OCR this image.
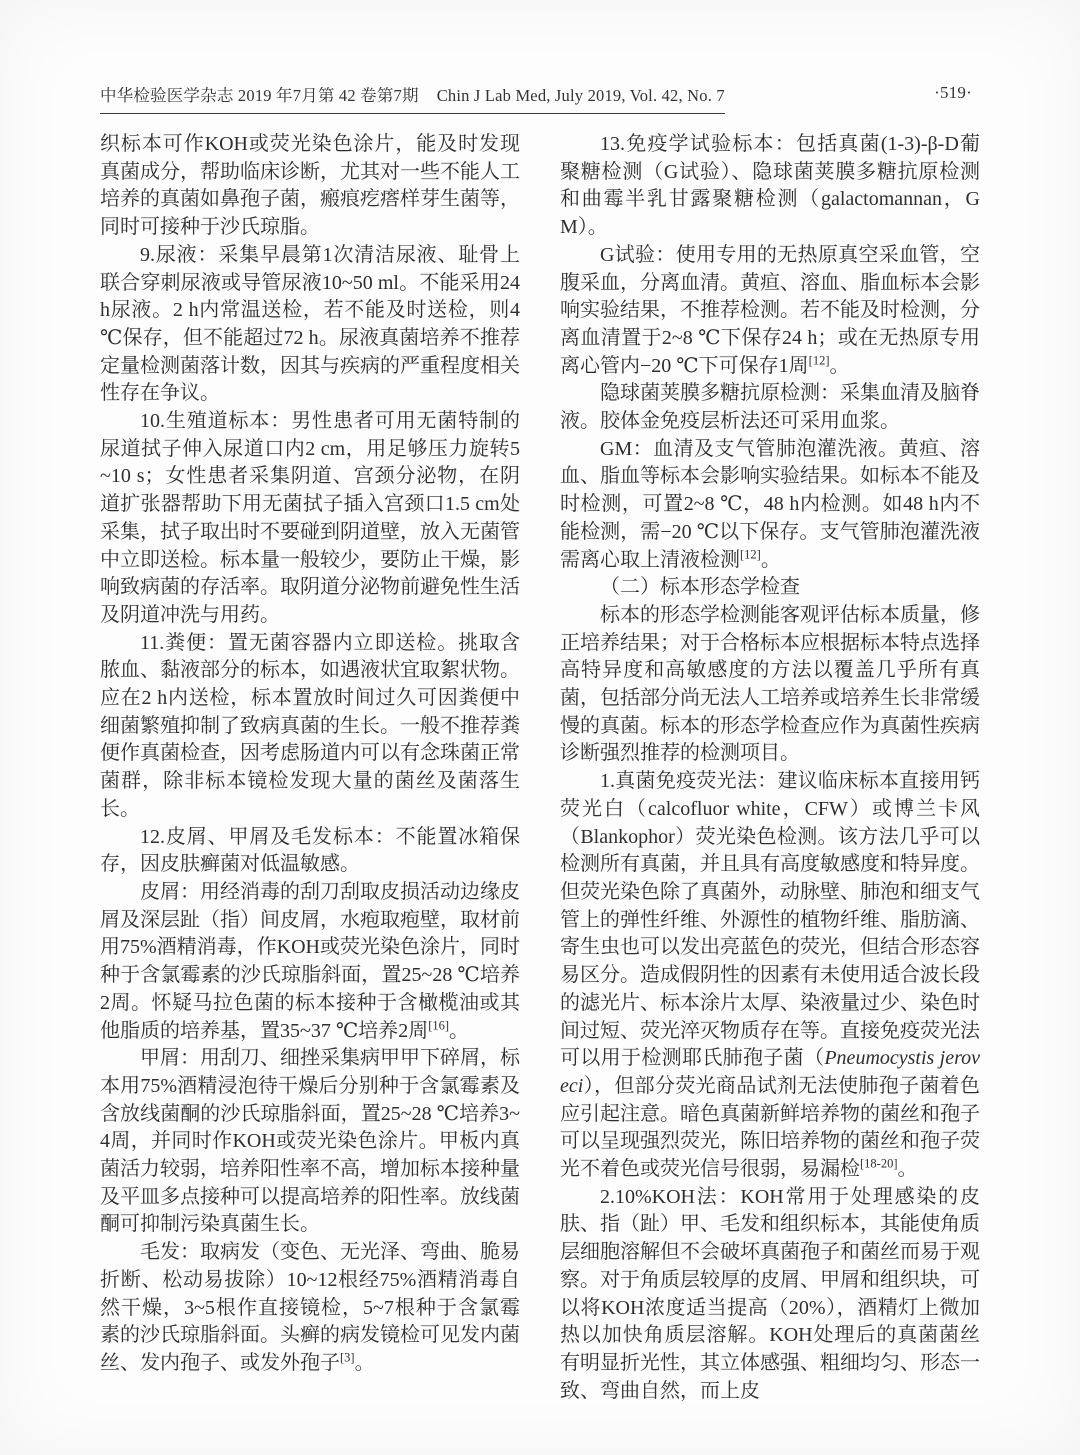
中华检验医学杂志 2019 年7月第 42 卷第7期 Chin J Lab Med, July 2019, Vol. 42, No. 7	·519·

织标本可作KOH或荧光染色涂片，能及时发现真菌成分，帮助临床诊断，尤其对一些不能人工培养的真菌如鼻孢子菌，瘢痕疙瘩样芽生菌等，同时可接种于沙氏琼脂。

9.尿液：采集早晨第1次清洁尿液、耻骨上联合穿刺尿液或导管尿液10~50 ml。不能采用24 h尿液。2 h内常温送检，若不能及时送检，则4 ℃保存，但不能超过72 h。尿液真菌培养不推荐定量检测菌落计数，因其与疾病的严重程度相关性存在争议。

10.生殖道标本：男性患者可用无菌特制的尿道拭子伸入尿道口内2 cm，用足够压力旋转5~10 s；女性患者采集阴道、宫颈分泌物，在阴道扩张器帮助下用无菌拭子插入宫颈口1.5 cm处采集，拭子取出时不要碰到阴道壁，放入无菌管中立即送检。标本量一般较少，要防止干燥，影响致病菌的存活率。取阴道分泌物前避免性生活及阴道冲洗与用药。

11.粪便：置无菌容器内立即送检。挑取含脓血、黏液部分的标本，如遇液状宜取絮状物。应在2 h内送检，标本置放时间过久可因粪便中细菌繁殖抑制了致病真菌的生长。一般不推荐粪便作真菌检查，因考虑肠道内可以有念珠菌正常菌群，除非标本镜检发现大量的菌丝及菌落生长。

12.皮屑、甲屑及毛发标本：不能置冰箱保存，因皮肤癣菌对低温敏感。

皮屑：用经消毒的刮刀刮取皮损活动边缘皮屑及深层趾（指）间皮屑，水疱取疱壁，取材前用75%酒精消毒，作KOH或荧光染色涂片，同时种于含氯霉素的沙氏琼脂斜面，置25~28 ℃培养2周。怀疑马拉色菌的标本接种于含橄榄油或其他脂质的培养基，置35~37 ℃培养2周[16]。

甲屑：用刮刀、细挫采集病甲甲下碎屑，标本用75%酒精浸泡待干燥后分别种于含氯霉素及含放线菌酮的沙氏琼脂斜面，置25~28 ℃培养3~4周，并同时作KOH或荧光染色涂片。甲板内真菌活力较弱，培养阳性率不高，增加标本接种量及平皿多点接种可以提高培养的阳性率。放线菌酮可抑制污染真菌生长。

毛发：取病发（变色、无光泽、弯曲、脆易折断、松动易拔除）10~12根经75%酒精消毒自然干燥，3~5根作直接镜检，5~7根种于含氯霉素的沙氏琼脂斜面。头癣的病发镜检可见发内菌丝、发内孢子、或发外孢子[3]。

13.免疫学试验标本：包括真菌(1-3)-β-D葡聚糖检测（G试验）、隐球菌荚膜多糖抗原检测和曲霉半乳甘露聚糖检测（galactomannan，GM）。

G试验：使用专用的无热原真空采血管，空腹采血，分离血清。黄疸、溶血、脂血标本会影响实验结果，不推荐检测。若不能及时检测，分离血清置于2~8 ℃下保存24 h；或在无热原专用离心管内−20 ℃下可保存1周[12]。

隐球菌荚膜多糖抗原检测：采集血清及脑脊液。胶体金免疫层析法还可采用血浆。

GM：血清及支气管肺泡灌洗液。黄疸、溶血、脂血等标本会影响实验结果。如标本不能及时检测，可置2~8 ℃，48 h内检测。如48 h内不能检测，需−20 ℃以下保存。支气管肺泡灌洗液需离心取上清液检测[12]。

（二）标本形态学检查

标本的形态学检测能客观评估标本质量，修正培养结果；对于合格标本应根据标本特点选择高特异度和高敏感度的方法以覆盖几乎所有真菌，包括部分尚无法人工培养或培养生长非常缓慢的真菌。标本的形态学检查应作为真菌性疾病诊断强烈推荐的检测项目。

1.真菌免疫荧光法：建议临床标本直接用钙荧光白（calcofluor white，CFW）或博兰卡风（Blankophor）荧光染色检测。该方法几乎可以检测所有真菌，并且具有高度敏感度和特异度。但荧光染色除了真菌外，动脉壁、肺泡和细支气管上的弹性纤维、外源性的植物纤维、脂肪滴、寄生虫也可以发出亮蓝色的荧光，但结合形态容易区分。造成假阴性的因素有未使用适合波长段的滤光片、标本涂片太厚、染液量过少、染色时间过短、荧光淬灭物质存在等。直接免疫荧光法可以用于检测耶氏肺孢子菌（Pneumocystis jeroveci），但部分荧光商品试剂无法使肺孢子菌着色应引起注意。暗色真菌新鲜培养物的菌丝和孢子可以呈现强烈荧光，陈旧培养物的菌丝和孢子荧光不着色或荧光信号很弱，易漏检[18-20]。

2.10%KOH法：KOH常用于处理感染的皮肤、指（趾）甲、毛发和组织标本，其能使角质层细胞溶解但不会破坏真菌孢子和菌丝而易于观察。对于角质层较厚的皮屑、甲屑和组织块，可以将KOH浓度适当提高（20%），酒精灯上微加热以加快角质层溶解。KOH处理后的真菌菌丝有明显折光性，其立体感强、粗细均匀、形态一致、弯曲自然，而上皮
